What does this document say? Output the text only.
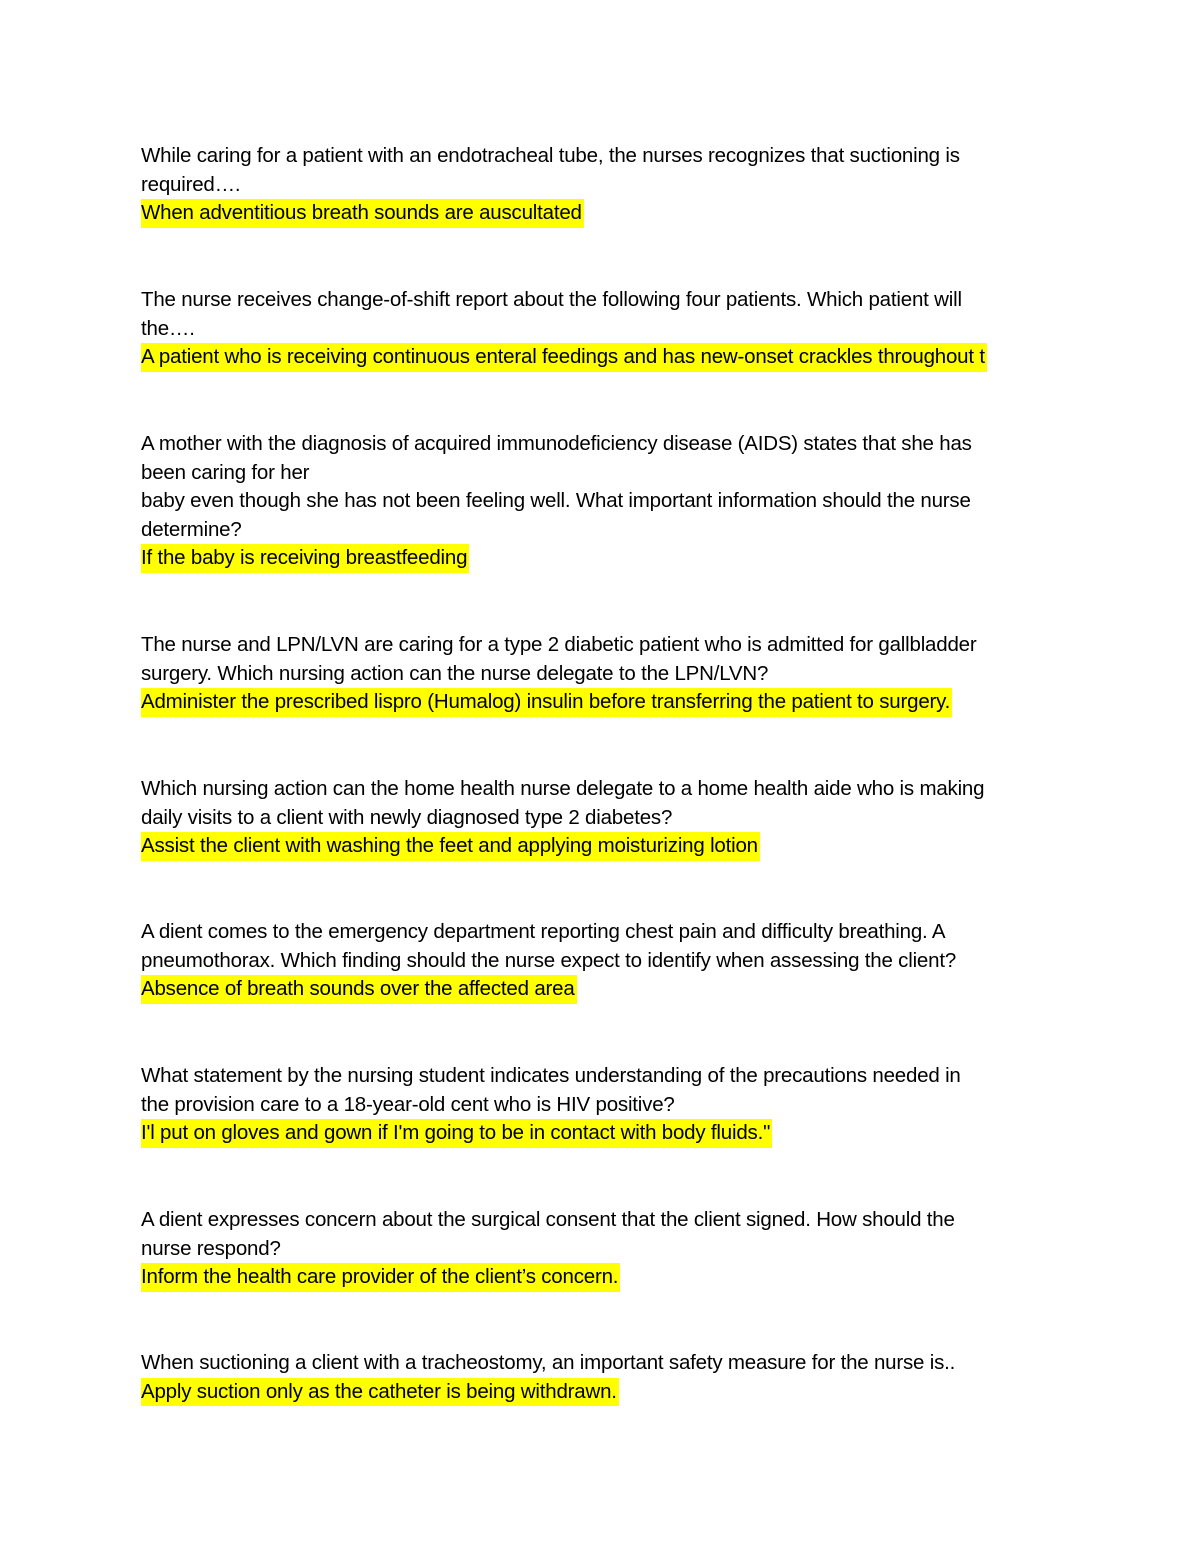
While caring for a patient with an endotracheal tube, the nurses recognizes that suctioning is
required….
When adventitious breath sounds are auscultated
The nurse receives change-of-shift report about the following four patients. Which patient will
the….
A patient who is receiving continuous enteral feedings and has new-onset crackles throughout t
A mother with the diagnosis of acquired immunodeficiency disease (AIDS) states that she has
been caring for her
baby even though she has not been feeling well. What important information should the nurse
determine?
If the baby is receiving breastfeeding
The nurse and LPN/LVN are caring for a type 2 diabetic patient who is admitted for gallbladder
surgery. Which nursing action can the nurse delegate to the LPN/LVN?
Administer the prescribed lispro (Humalog) insulin before transferring the patient to surgery.
Which nursing action can the home health nurse delegate to a home health aide who is making
daily visits to a client with newly diagnosed type 2 diabetes?
Assist the client with washing the feet and applying moisturizing lotion
A dient comes to the emergency department reporting chest pain and difficulty breathing. A
pneumothorax. Which finding should the nurse expect to identify when assessing the client?
Absence of breath sounds over the affected area
What statement by the nursing student indicates understanding of the precautions needed in
the provision care to a 18-year-old cent who is HIV positive?
I'l put on gloves and gown if I'm going to be in contact with body fluids."
A dient expresses concern about the surgical consent that the client signed. How should the
nurse respond?
Inform the health care provider of the client’s concern.
When suctioning a client with a tracheostomy, an important safety measure for the nurse is..
Apply suction only as the catheter is being withdrawn.
